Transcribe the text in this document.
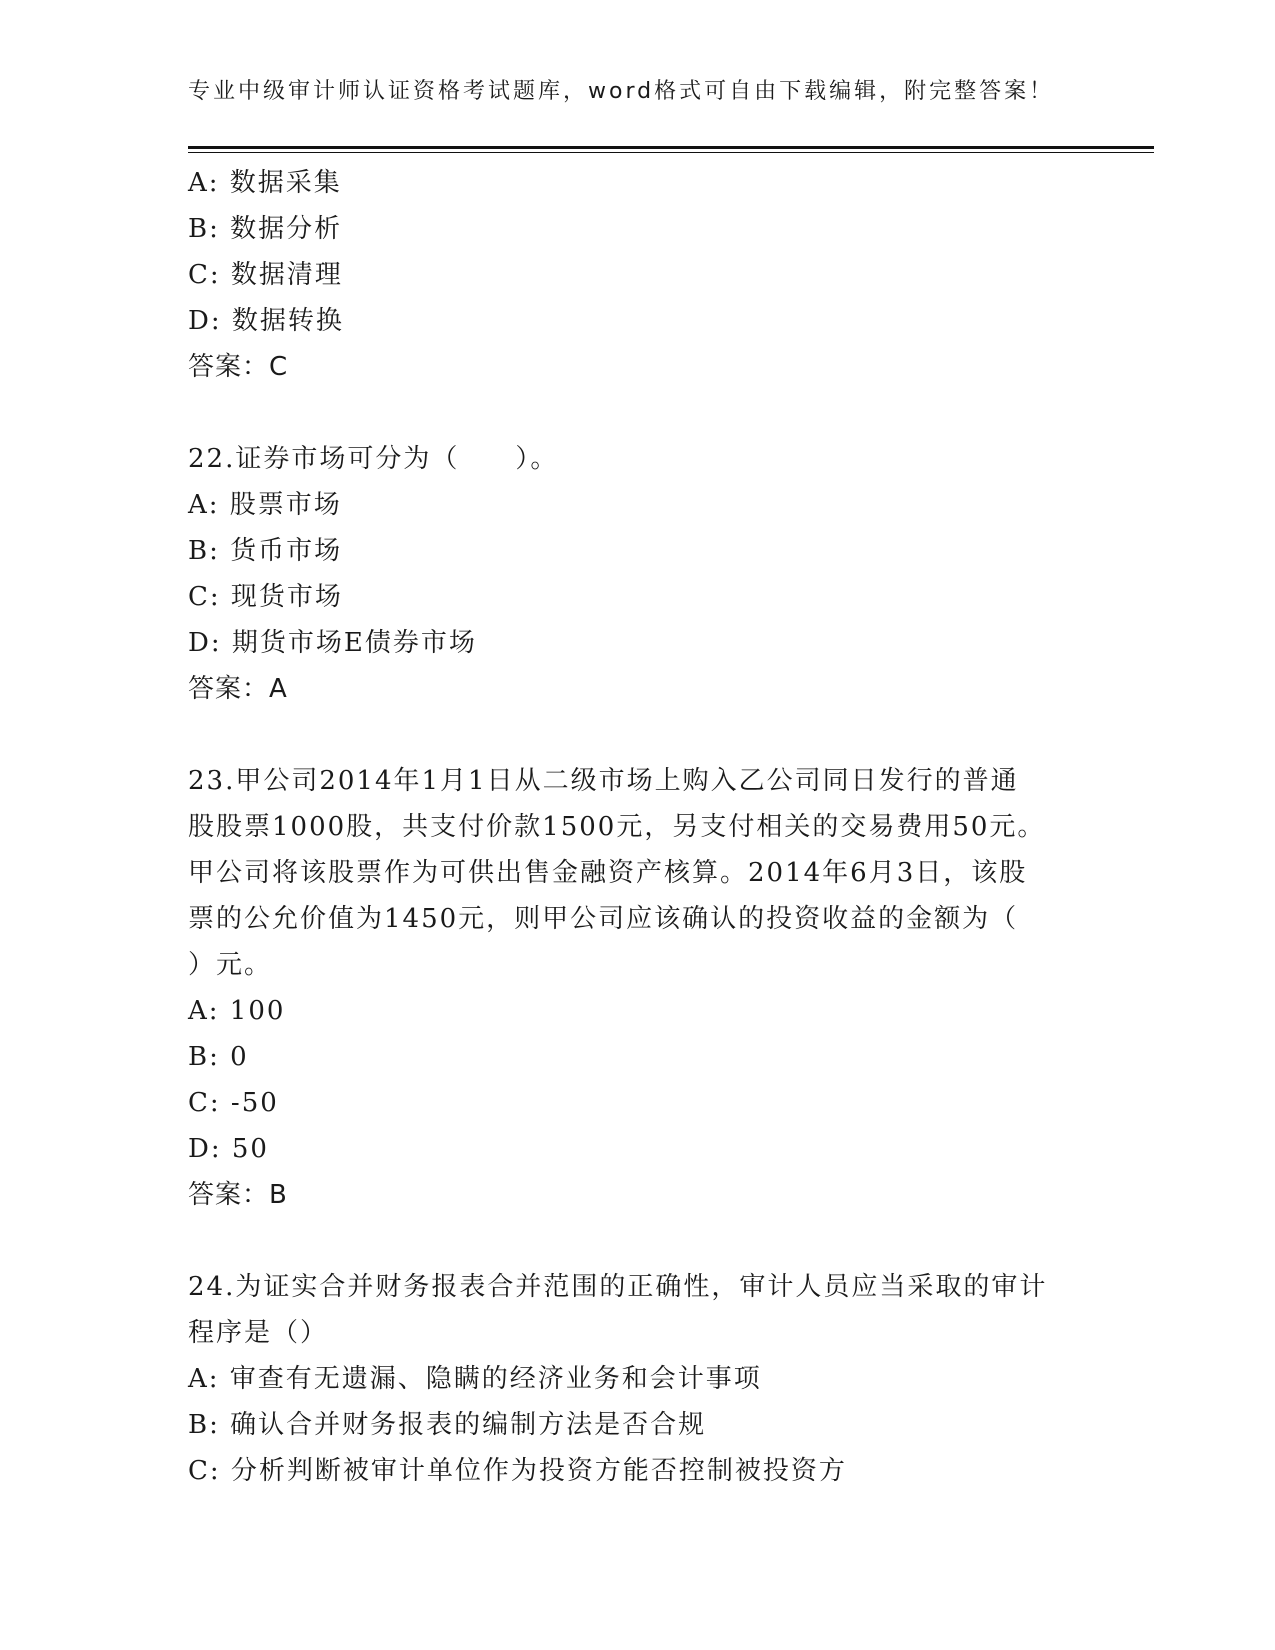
专业中级审计师认证资格考试题库，word格式可自由下载编辑，附完整答案！
A: 数据采集
B: 数据分析
C: 数据清理
D: 数据转换
答案：C
22.证券市场可分为（　　）。
A: 股票市场
B: 货币市场
C: 现货市场
D: 期货市场E债券市场
答案：A
23.甲公司2014年1月1日从二级市场上购入乙公司同日发行的普通
股股票1000股，共支付价款1500元，另支付相关的交易费用50元。
甲公司将该股票作为可供出售金融资产核算。2014年6月3日，该股
票的公允价值为1450元，则甲公司应该确认的投资收益的金额为（
）元。
A: 100
B: 0
C: -50
D: 50
答案：B
24.为证实合并财务报表合并范围的正确性，审计人员应当采取的审计
程序是（）
A: 审查有无遗漏、隐瞒的经济业务和会计事项
B: 确认合并财务报表的编制方法是否合规
C: 分析判断被审计单位作为投资方能否控制被投资方
